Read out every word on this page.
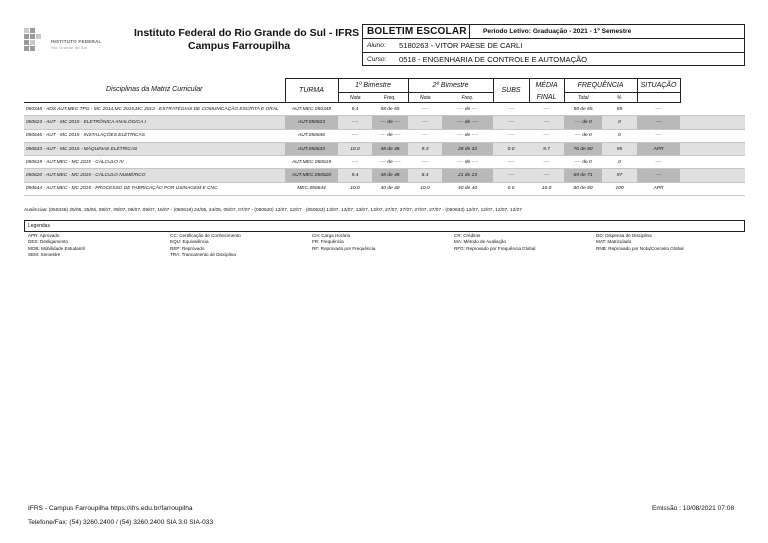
INSTITUTO FEDERAL
Rio Grande do Sul
Instituto Federal do Rio Grande do Sul - IFRS
Campus Farroupilha
BOLETIM ESCOLAR Período Letivo: Graduação - 2021 - 1º Semestre
Aluno: 5180263 - VITOR PAESE DE CARLI
Curso: 0518 - ENGENHARIA DE CONTROLE E AUTOMAÇÃO
Disciplinas da Matriz Curricular	TURMA	1º Bimestre		2º Bimestre		SUBS	MÉDIA	FREQUÊNCIA		SITUAÇÃO		
		Nota	Freq.	Nota	Freq.		FINAL	Total	%			
050348 - ADS AUT.MEC TPG - MC 2014,MC 2015,MC 2013 - ESTRATÉGIAS DE COMUNICAÇÃO ESCRITA E ORAL	AUT.MEC.050348	9.4	58 de 65	----	---- de ----	----	----	58 de 65	89	----		
050623 - AUT - MC 2015 - ELETRÔNICA ANALÓGICA I	AUT.050623	----	---- de ----	----	---- de ----	----	----	---- de 0	0	----		
050646 - AUT - MC 2015 - INSTALAÇÕES ELÉTRICAS	AUT.050646	----	---- de ----	----	---- de ----	----	----	---- de 0	0	----		
050633 - AUT - MC 2015 - MÁQUINAS ELÉTRICAS	AUT.050633	10.0	48 de 48	9.3	28 de 32	0.0	9.7	76 de 80	95	APR		
050619 - AUT.MEC - MC 2015 - CÁLCULO IV	AUT.MEC.050619	----	---- de ----	----	---- de ----	----	----	---- de 0	0	----		
050620 - AUT.MEC - MC 2015 - CÁLCULO NUMÉRICO	AUT.MEC.050620	9.4	48 de 48	8.4	21 de 23	----	----	69 de 71	97	----		
050644 - AUT.MEC - MC 2015 - PROCESSO DE FABRICAÇÃO POR USINAGEM E CNC	MEC.050644	10.0	40 de 40	10.0	40 de 40	0.0	10.0	80 de 80	100	APR		
Ausências: (050346) 25/06, 25/06, 09/07, 09/07, 09/07, 09/07, 16/07 - (050619) 24/05, 24/05, 05/07, 07/07 - (050620) 12/07, 12/07 - (050633) 13/07, 13/07, 13/07, 13/07, 27/07, 27/07, 27/07, 27/07 - (050633) 12/07, 12/07, 12/07, 12/07
Legendas
APR: Aprovado
DES: Desligamento
MOB: Mobilidade Estudantil
SEM: Semestre
CC: Certificação de Conhecimento
EQU: Equivalência
REP: Reprovado
TRA: Trancamento de Disciplina
CH: Carga Horária
FR: Frequência
RF: Reprovado por Frequência
CR: Créditos
MA: Método de Avaliação
RFG: Reprovado por Frequência Global
DD: Dispensa de Disciplina
MAT: Matriculado
RNB: Reprovado por Nota/Conceito Global
IFRS - Campus Farroupilha https://ifrs.edu.br/farroupilha
Telefone/Fax: (54) 3260.2400 / (54) 3260.2400 SIA 3.0 SIA-033
Emissão : 10/08/2021 07:08
